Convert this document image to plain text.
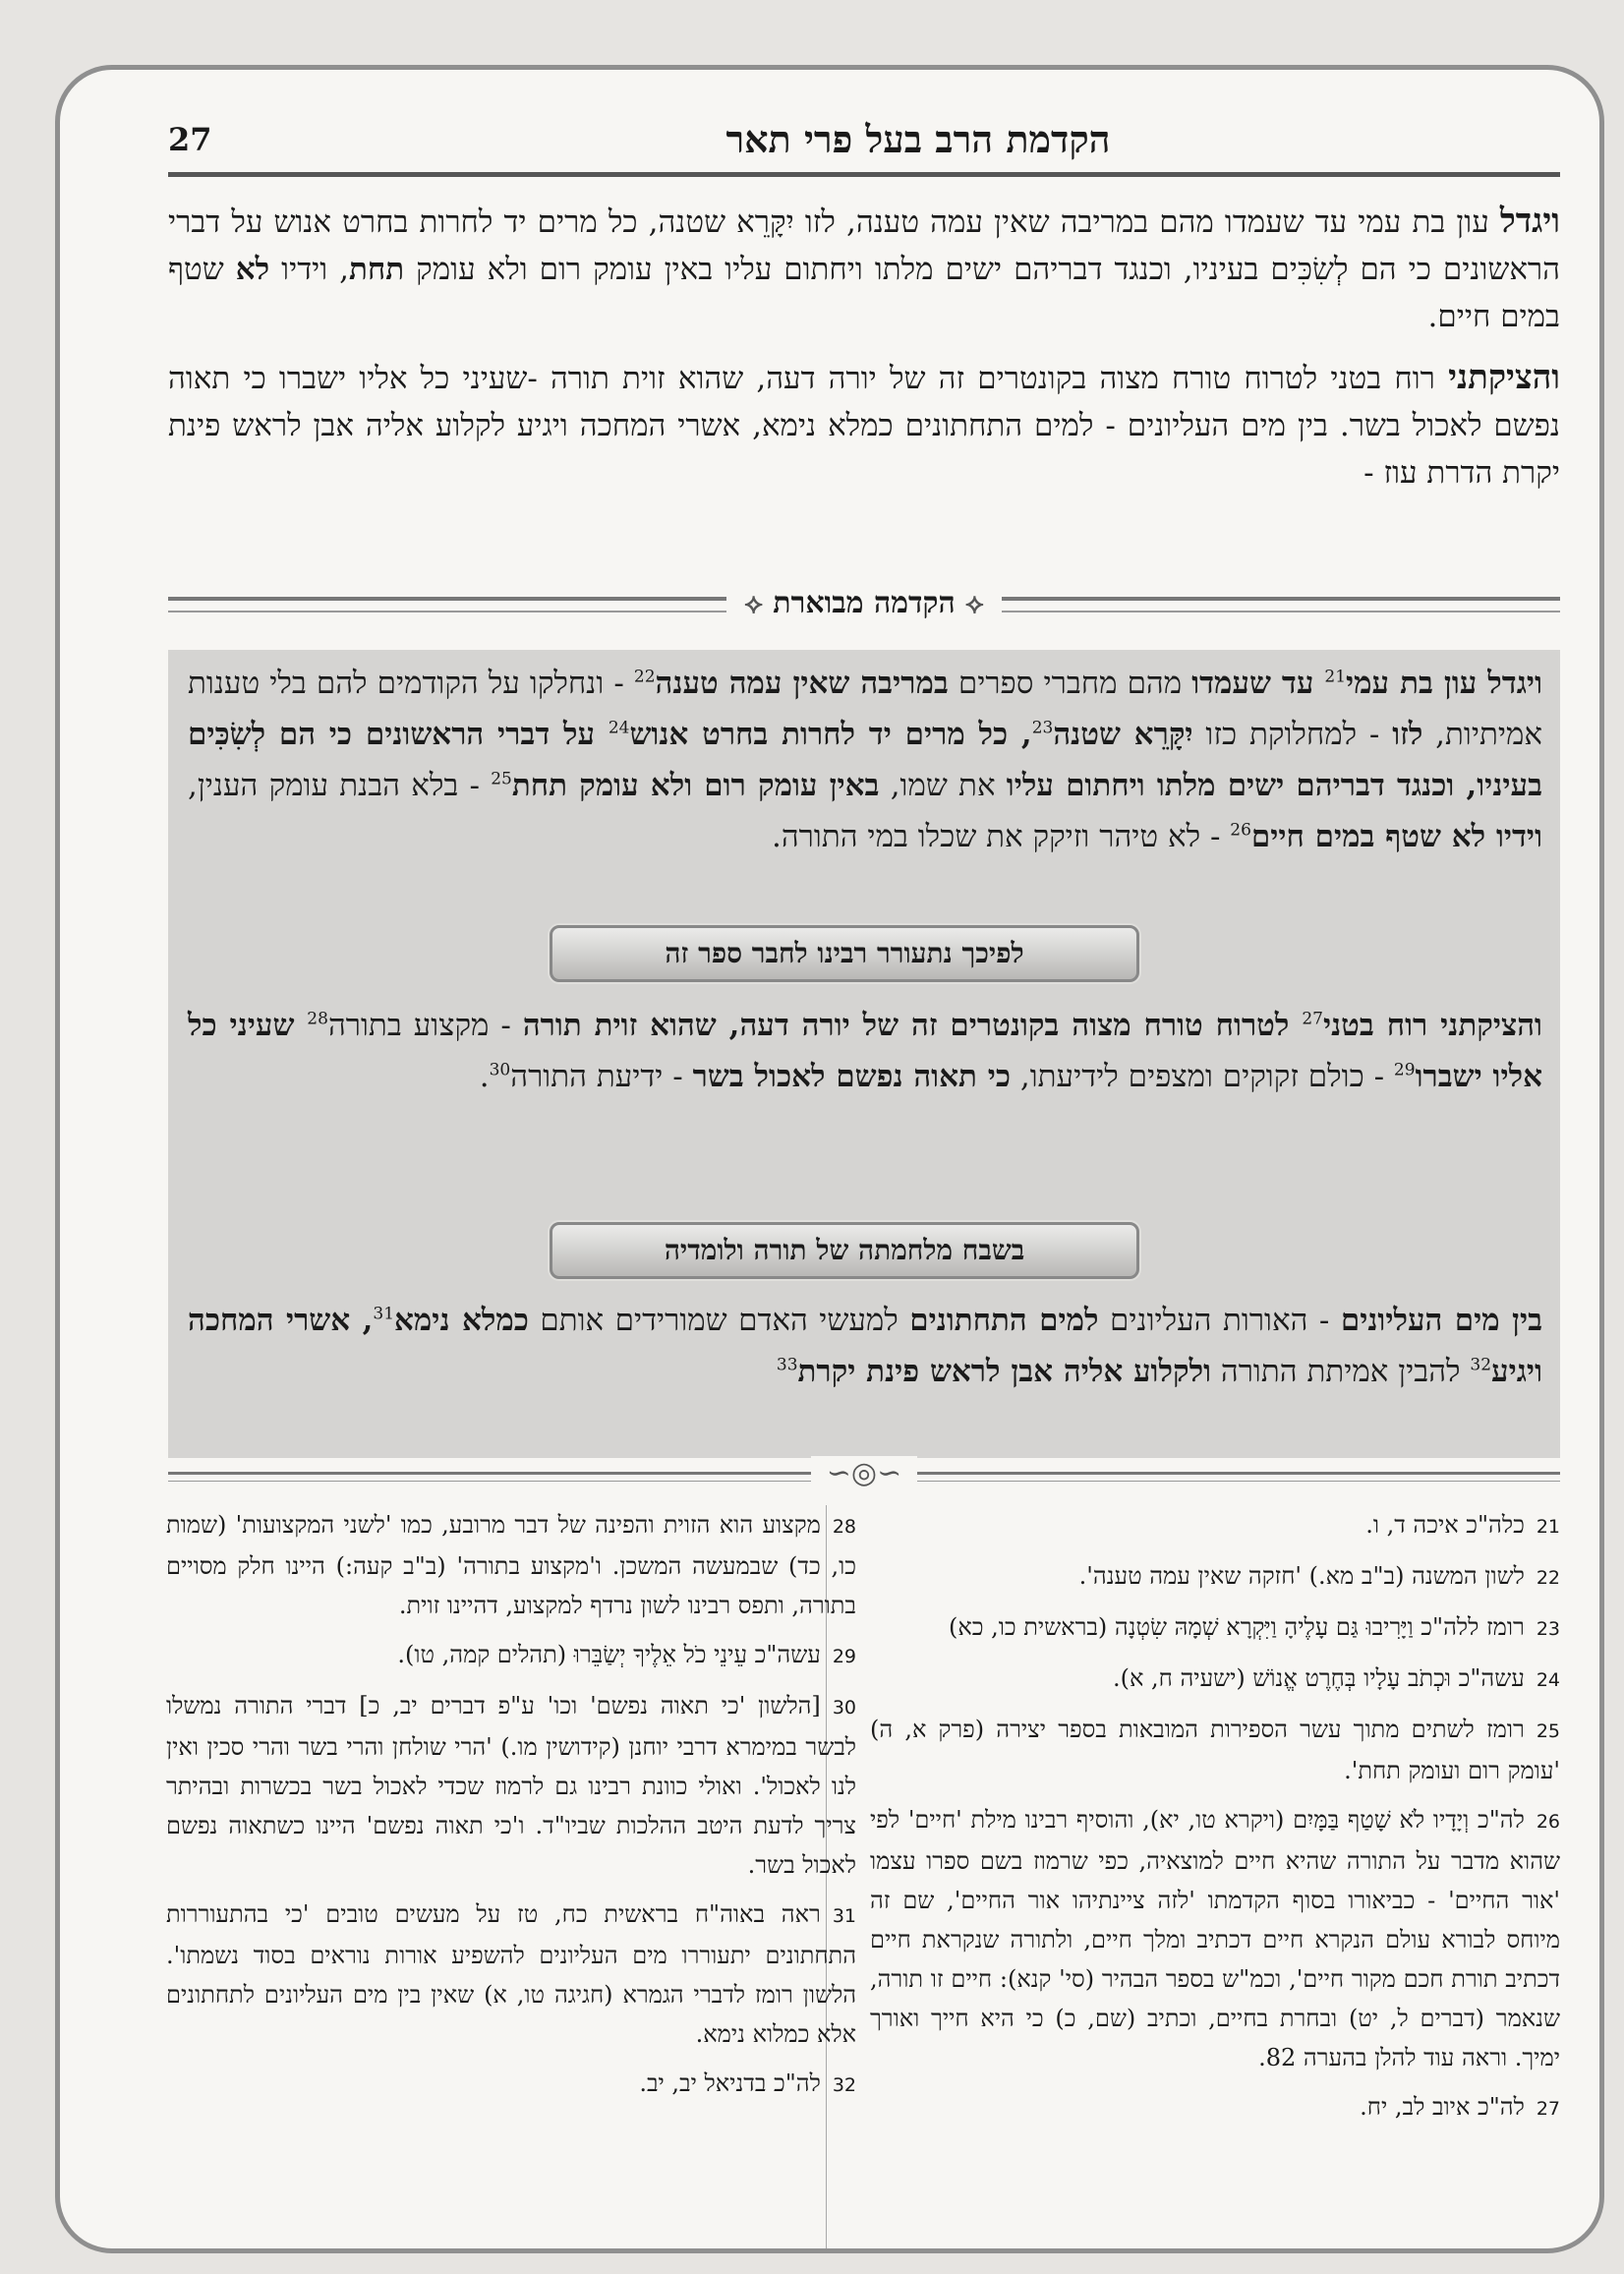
27	הקדמת הרב בעל פרי תאר

ויגדל עון בת עמי עד שעמדו מהם במריבה שאין עמה טענה, לזו יִקָּרֵא שטנה, כל מרים יד לחרות בחרט אנוש על דברי הראשונים כי הם לְשִׂכִּים בעיניו, וכנגד דבריהם ישים מלתו ויחתום עליו באין עומק רום ולא עומק תחת, וידיו לא שטף במים חיים.

והציקתני רוח בטני לטרוח טורח מצוה בקונטרים זה של יורה דעה, שהוא זוית תורה -שעיני כל אליו ישברו כי תאוה נפשם לאכול בשר. בין מים העליונים - למים התחתונים כמלא נימא, אשרי המחכה ויגיע לקלוע אליה אבן לראש פינת יקרת הדרת עוז -

⟡ הקדמה מבוארת ⟡
ויגדל עון בת עמי$^{21}$ עד שעמדו מהם מחברי ספרים במריבה שאין עמה טענה$^{22}$ - ונחלקו על הקודמים להם בלי טענות אמיתיות, לזו - למחלוקת כזו יִקָּרֵא שטנה$^{23}$, כל מרים יד לחרות בחרט אנוש$^{24}$ על דברי הראשונים כי הם לְשִׂכִּים בעיניו, וכנגד דבריהם ישים מלתו ויחתום עליו את שמו, באין עומק רום ולא עומק תחת$^{25}$ - בלא הבנת עומק הענין, וידיו לא שטף במים חיים$^{26}$ - לא טיהר וזיקק את שכלו במי התורה.
לפיכך נתעורר רבינו לחבר ספר זה
והציקתני רוח בטני$^{27}$ לטרוח טורח מצוה בקונטרים זה של יורה דעה, שהוא זוית תורה - מקצוע בתורה$^{28}$ שעיני כל אליו ישברו$^{29}$ - כולם זקוקים ומצפים לידיעתו, כי תאוה נפשם לאכול בשר - ידיעת התורה$^{30}$.
בשבח מלחמתה של תורה ולומדיה
בין מים העליונים - האורות העליונים למים התחתונים למעשי האדם שמורידים אותם כמלא נימא$^{31}$, אשרי המחכה ויגיע$^{32}$ להבין אמיתת התורה ולקלוע אליה אבן לראש פינת יקרת$^{33}$
∽◎∽
21כלה"כ איכה ד, ו.
22לשון המשנה (ב"ב מא.) 'חזקה שאין עמה טענה'.
23רומז ללה"כ וַיָּרִיבוּ גַּם עָלֶיהָ וַיִּקְרָא שְׁמָהּ שִׂטְנָה (בראשית כו, כא)
24עשה"כ וּכְתֹב עָלָיו בְּחֶרֶט אֱנוֹשׁ (ישעיה ח, א).
25רומז לשתים מתוך עשר הספירות המובאות בספר יצירה (פרק א, ה) 'עומק רום ועומק תחת'.
26לה"כ וְיָדָיו לֹא שָׁטַף בַּמָּיִם (ויקרא טו, יא), והוסיף רבינו מילת 'חיים' לפי שהוא מדבר על התורה שהיא חיים למוצאיה, כפי שרמוז בשם ספרו עצמו 'אור החיים' - כביאורו בסוף הקדמתו 'לזה ציינתיהו אור החיים', שם זה מיוחס לבורא עולם הנקרא חיים דכתיב ומלך חיים, ולתורה שנקראת חיים דכתיב תורת חכם מקור חיים', וכמ"ש בספר הבהיר (סי' קנא): חיים זו תורה, שנאמר (דברים ל, יט) ובחרת בחיים, וכתיב (שם, כ) כי היא חייך ואורך ימיך. וראה עוד להלן בהערה 82.
27לה"כ איוב לב, יח.
28מקצוע הוא הזוית והפינה של דבר מרובע, כמו 'לשני המקצועות' (שמות כו, כד) שבמעשה המשכן. ו'מקצוע בתורה' (ב"ב קעה:) היינו חלק מסויים בתורה, ותפס רבינו לשון נרדף למקצוע, דהיינו זוית.
29עשה"כ עֵינֵי כֹל אֵלֶיךָ יְשַׂבֵּרוּ (תהלים קמה, טו).
30[הלשון 'כי תאוה נפשם' וכו' ע"פ דברים יב, כ] דברי התורה נמשלו לבשר במימרא דרבי יוחנן (קידושין מו.) 'הרי שולחן והרי בשר והרי סכין ואין לנו לאכול'. ואולי כוונת רבינו גם לרמוז שכדי לאכול בשר בכשרות ובהיתר צריך לדעת היטב ההלכות שביו"ד. ו'כי תאוה נפשם' היינו כשתאוה נפשם לאכול בשר.
31ראה באוה"ח בראשית כח, טז על מעשים טובים 'כי בהתעוררות התחתונים יתעוררו מים העליונים להשפיע אורות נוראים בסוד נשמתו'. הלשון רומז לדברי הגמרא (חגיגה טו, א) שאין בין מים העליונים לתחתונים אלא כמלוא נימא.
32לה"כ בדניאל יב, יב.
